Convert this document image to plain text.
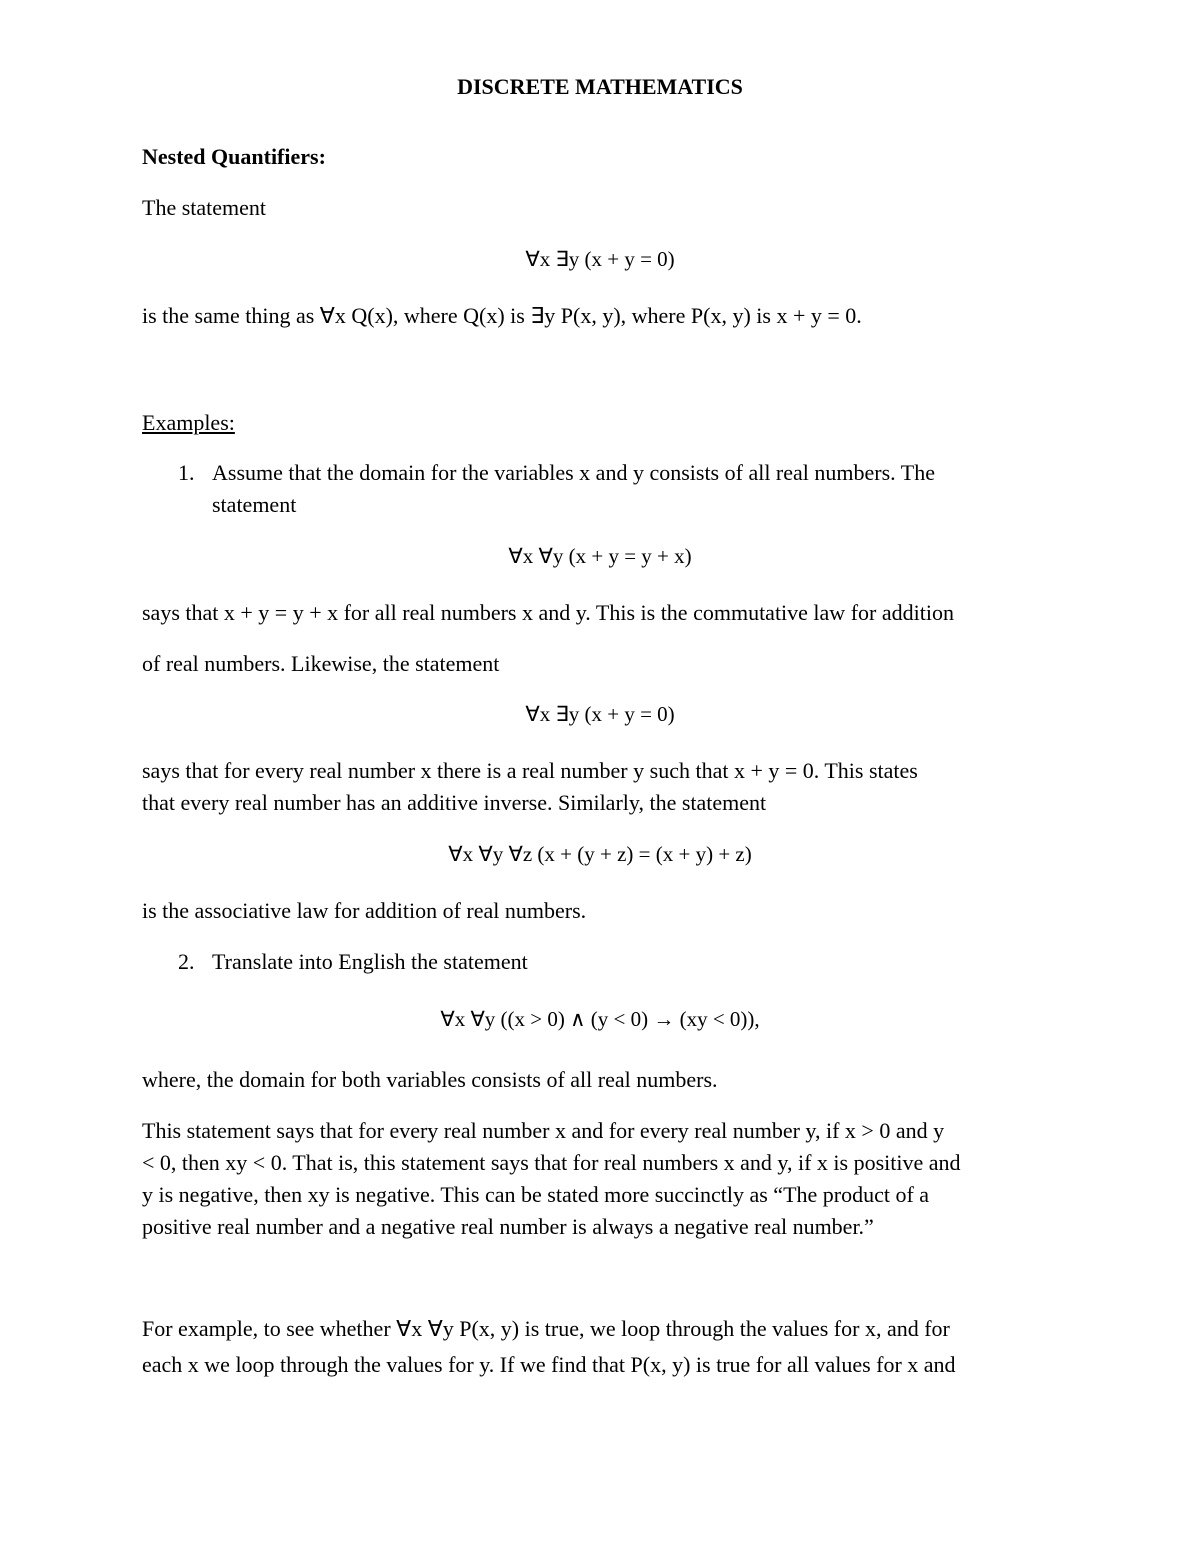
DISCRETE MATHEMATICS
Nested Quantifiers:
The statement
∀x ∃y (x + y = 0)
is the same thing as ∀x Q(x), where Q(x) is ∃y P(x, y), where P(x, y) is x + y = 0.
Examples:
1. Assume that the domain for the variables x and y consists of all real numbers. The
statement
∀x ∀y (x + y = y + x)
says that x + y = y + x for all real numbers x and y. This is the commutative law for addition
of real numbers. Likewise, the statement
∀x ∃y (x + y = 0)
says that for every real number x there is a real number y such that x + y = 0. This states
that every real number has an additive inverse. Similarly, the statement
∀x ∀y ∀z (x + (y + z) = (x + y) + z)
is the associative law for addition of real numbers.
2. Translate into English the statement
∀x ∀y ((x > 0) ∧ (y < 0) → (xy < 0)),
where, the domain for both variables consists of all real numbers.
This statement says that for every real number x and for every real number y, if x > 0 and y
< 0, then xy < 0. That is, this statement says that for real numbers x and y, if x is positive and
y is negative, then xy is negative. This can be stated more succinctly as “The product of a
positive real number and a negative real number is always a negative real number.”
For example, to see whether ∀x ∀y P(x, y) is true, we loop through the values for x, and for
each x we loop through the values for y. If we find that P(x, y) is true for all values for x and
